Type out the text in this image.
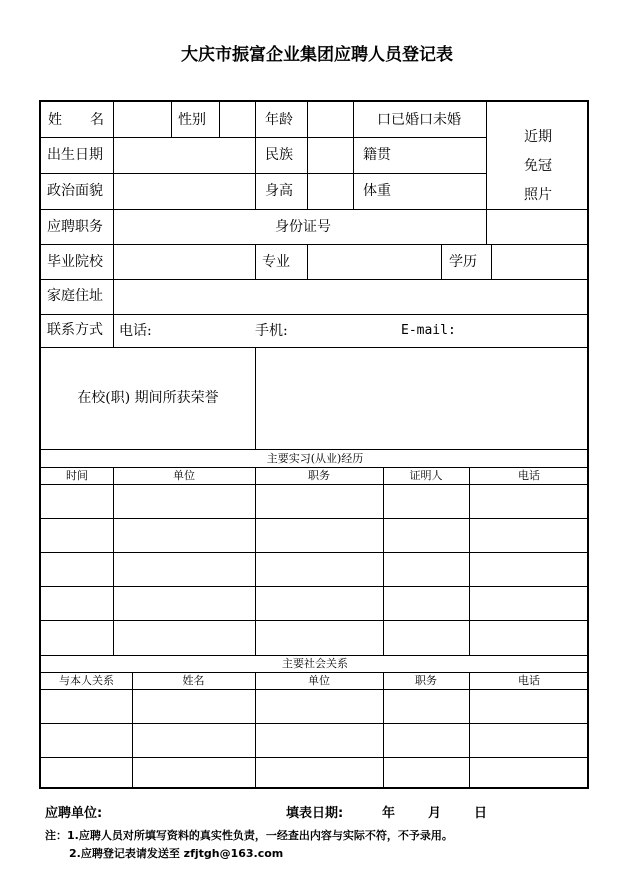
大庆市振富企业集团应聘人员登记表
姓　　名	性别	年龄	口已婚口未婚
近期
免冠
照片
出生日期	民族	籍贯
政治面貌	身高	体重
应聘职务	身份证号
毕业院校	专业	学历
家庭住址
联系方式 电话:	手机:	E-mail:
在校(职) 期间所获荣誉
主要实习(从业)经历
时间	单位	职务	证明人	电话
主要社会关系
与本人关系	姓名	单位	职务	电话
应聘单位:	填表日期:	年	月	日
注：1.应聘人员对所填写资料的真实性负责，一经查出内容与实际不符，不予录用。
2.应聘登记表请发送至 zfjtgh@163.com
